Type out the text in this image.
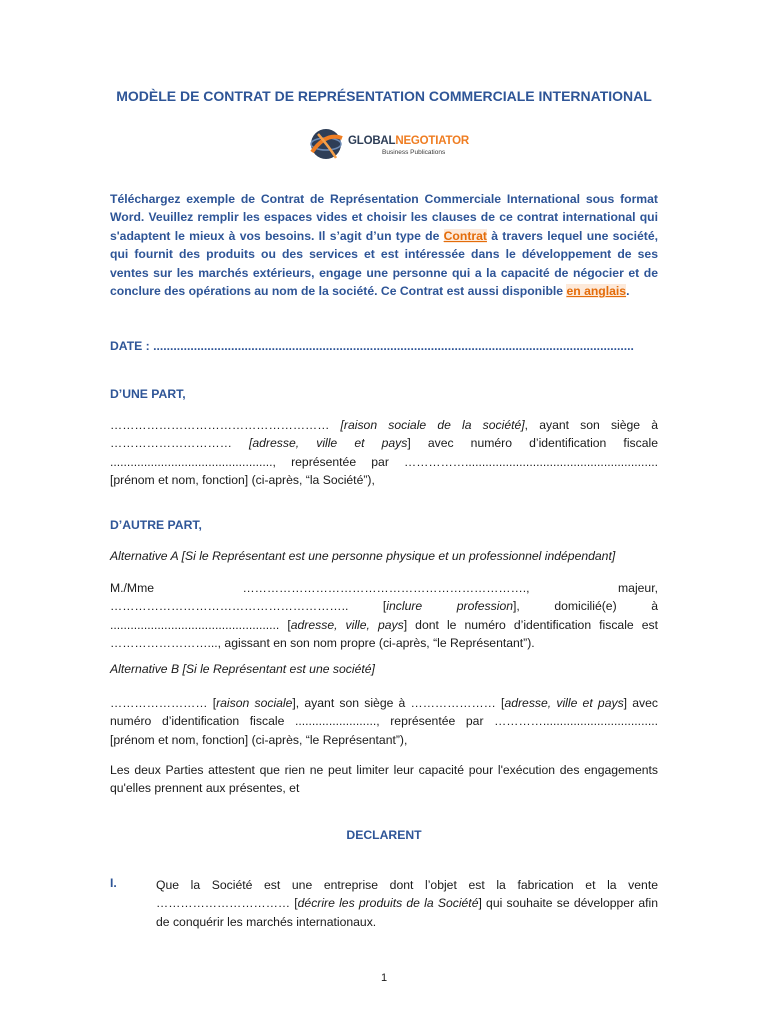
MODÈLE DE CONTRAT DE REPRÉSENTATION COMMERCIALE INTERNATIONAL
GLOBALNEGOTIATOR
Business Publications
Téléchargez exemple de Contrat de Représentation Commerciale International sous format Word. Veuillez remplir les espaces vides et choisir les clauses de ce contrat international qui s'adaptent le mieux à vos besoins. Il s’agit d’un type de Contrat à travers lequel une société, qui fournit des produits ou des services et est intéressée dans le développement de ses ventes sur les marchés extérieurs, engage une personne qui a la capacité de négocier et de conclure des opérations au nom de la société. Ce Contrat est aussi disponible en anglais.
DATE : ..............................................................................................................................................
D’UNE PART,
……………………………………………… [raison sociale de la société], ayant son siège à ………………………… [adresse, ville et pays] avec numéro d’identification fiscale ................................................, représentée par ……………......................................................... [prénom et nom, fonction] (ci-après, “la Société”),
D’AUTRE PART,
Alternative A [Si le Représentant est une personne physique et un professionnel indépendant]
M./Mme ……………………………………………………………., majeur, ………………………………………………….. [inclure profession], domicilié(e) à .................................................. [adresse, ville, pays] dont le numéro d’identification fiscale est ……………………..., agissant en son nom propre (ci-après, “le Représentant”).
Alternative B [Si le Représentant est une société]
…………………… [raison sociale], ayant son siège à ………………… [adresse, ville et pays] avec numéro d’identification fiscale ........................, représentée par ………….................................. [prénom et nom, fonction] (ci-après, “le Représentant”),
Les deux Parties attestent que rien ne peut limiter leur capacité pour l'exécution des engagements qu'elles prennent aux présentes, et
DECLARENT
I.	Que la Société est une entreprise dont l’objet est la fabrication et la vente …………………………… [décrire les produits de la Société] qui souhaite se développer afin de conquérir les marchés internationaux.
1
